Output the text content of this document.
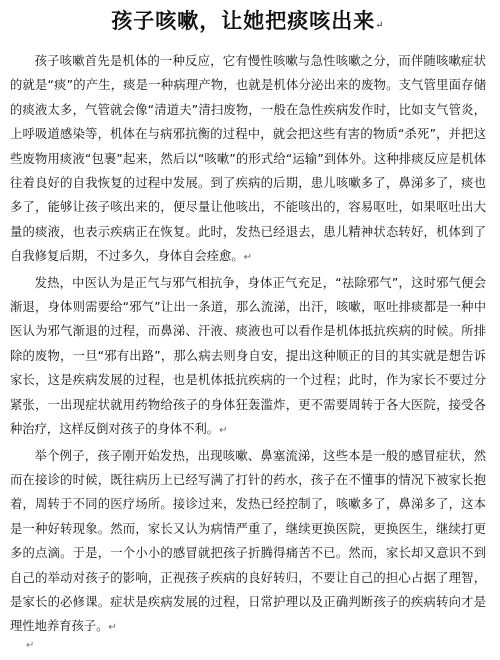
孩子咳嗽，让她把痰咳出来↵

孩子咳嗽首先是机体的一种反应，它有慢性咳嗽与急性咳嗽之分，而伴随咳嗽症状的就是“痰”的产生，痰是一种病理产物，也就是机体分泌出来的废物。支气管里面存储的痰液太多，气管就会像“清道夫”清扫废物，一般在急性疾病发作时，比如支气管炎，上呼吸道感染等，机体在与病邪抗衡的过程中，就会把这些有害的物质“杀死”，并把这些废物用痰液“包裹”起来，然后以“咳嗽”的形式给“运输”到体外。这种排痰反应是机体往着良好的自我恢复的过程中发展。到了疾病的后期，患儿咳嗽多了，鼻涕多了，痰也多了，能够让孩子咳出来的，便尽量让他咳出，不能咳出的，容易呕吐，如果呕吐出大量的痰液，也表示疾病正在恢复。此时，发热已经退去，患儿精神状态转好，机体到了自我修复后期，不过多久，身体自会痊愈。↵

发热，中医认为是正气与邪气相抗争，身体正气充足，“祛除邪气”，这时邪气便会渐退，身体则需要给“邪气”让出一条道，那么流涕，出汗，咳嗽，呕吐排痰都是一种中医认为邪气渐退的过程，而鼻涕、汗液、痰液也可以看作是机体抵抗疾病的时候。所排除的废物，一旦“邪有出路”，那么病去则身自安，提出这种顺正的目的其实就是想告诉家长，这是疾病发展的过程，也是机体抵抗疾病的一个过程；此时，作为家长不要过分紧张，一出现症状就用药物给孩子的身体狂轰滥炸，更不需要周转于各大医院，接受各种治疗，这样反倒对孩子的身体不利。↵

举个例子，孩子刚开始发热，出现咳嗽、鼻塞流涕，这些本是一般的感冒症状，然而在接诊的时候，既往病历上已经写满了打针的药水，孩子在不懂事的情况下被家长抱着，周转于不同的医疗场所。接诊过来，发热已经控制了，咳嗽多了，鼻涕多了，这本是一种好转现象。然而，家长又认为病情严重了，继续更换医院，更换医生，继续打更多的点滴。于是，一个小小的感冒就把孩子折腾得痛苦不已。然而，家长却又意识不到自己的举动对孩子的影响，正视孩子疾病的良好转归，不要让自己的担心占据了理智，是家长的必修课。症状是疾病发展的过程，日常护理以及正确判断孩子的疾病转向才是理性地养育孩子。↵

↵
